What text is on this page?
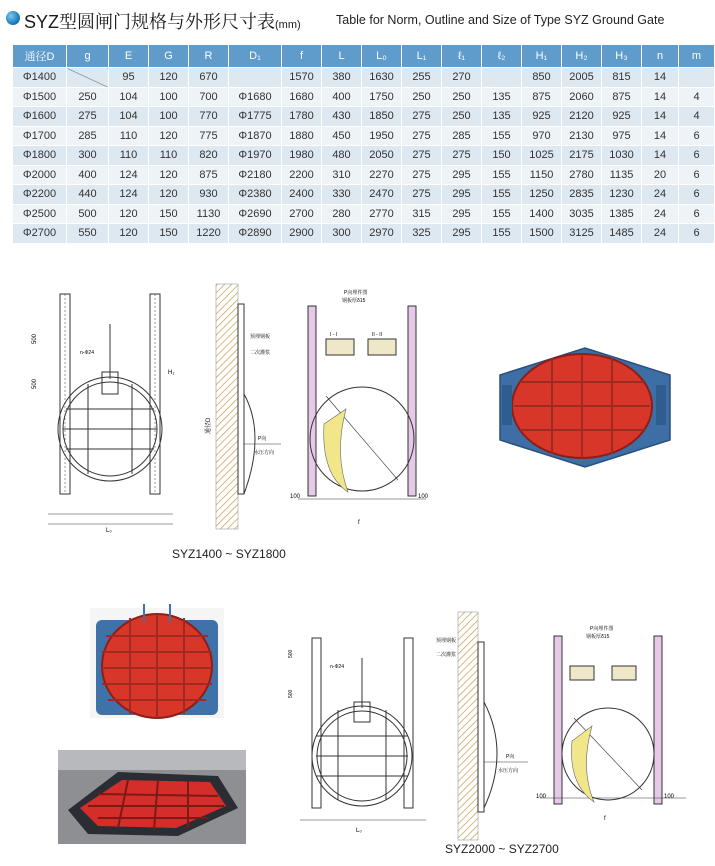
SYZ型圆闸门规格与外形尺寸表(mm)	Table for Norm, Outline and Size of Type SYZ Ground Gate
通径D	g	E	G	R	D₁	f	L	L₀	L₁	ℓ₁	ℓ₂	H₁	H₂	H₃	n	m
Φ1400		95	120	670		1570	380	1630	255	270		850	2005	815	14	
Φ1500	250	104	100	700	Φ1680	1680	400	1750	250	250	135	875	2060	875	14	4
Φ1600	275	104	100	770	Φ1775	1780	430	1850	275	250	135	925	2120	925	14	4
Φ1700	285	110	120	775	Φ1870	1880	450	1950	275	285	155	970	2130	975	14	6
Φ1800	300	110	110	820	Φ1970	1980	480	2050	275	275	150	1025	2175	1030	14	6
Φ2000	400	124	120	875	Φ2180	2200	310	2270	275	295	155	1150	2780	1135	20	6
Φ2200	440	124	120	930	Φ2380	2400	330	2470	275	295	155	1250	2835	1230	24	6
Φ2500	500	120	150	1130	Φ2690	2700	280	2770	315	295	155	1400	3035	1385	24	6
Φ2700	550	120	150	1220	Φ2890	2900	300	2970	325	295	155	1500	3125	1485	24	6
500
500
n-Φ24
H₁
L₀
预埋钢板
二次灌浆
P向
水压方向
通径D
P向埋件图
钢板厚δ15
I - I	II - II
100	100
f
SYZ1400 ~ SYZ1800
500
500
n-Φ24
L₀
预埋钢板
二次灌浆
P向
水压方向
P向埋件图
钢板厚δ15
100	100
f
SYZ2000 ~ SYZ2700
